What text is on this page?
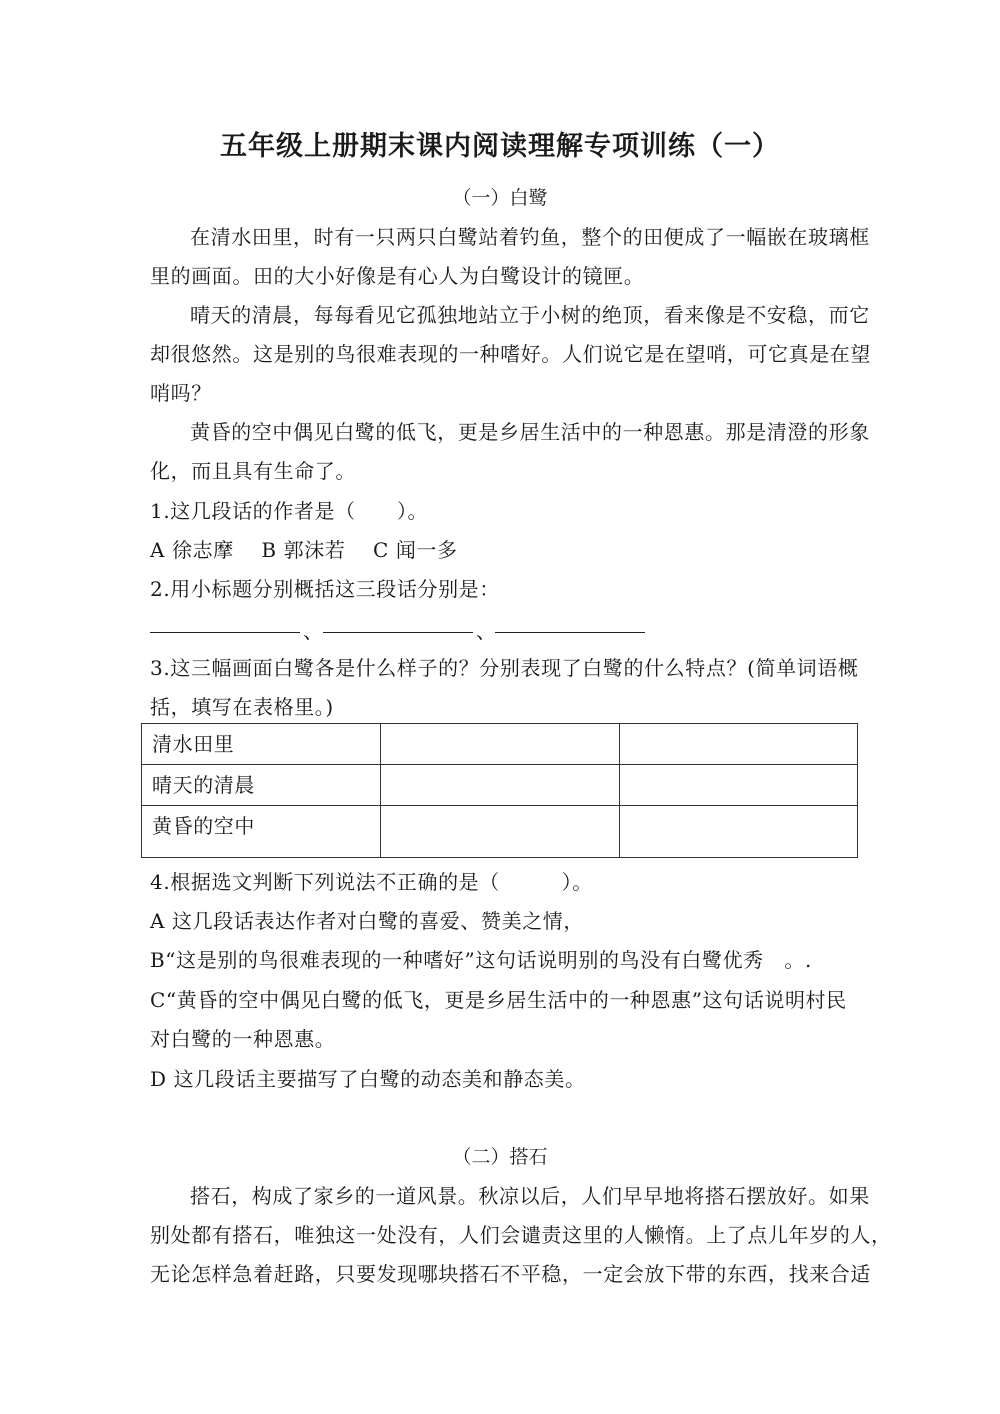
五年级上册期末课内阅读理解专项训练（一）
（一）白鹭
在清水田里，时有一只两只白鹭站着钓鱼，整个的田便成了一幅嵌在玻璃框
里的画面。田的大小好像是有心人为白鹭设计的镜匣。
晴天的清晨，每每看见它孤独地站立于小树的绝顶，看来像是不安稳，而它
却很悠然。这是别的鸟很难表现的一种嗜好。人们说它是在望哨，可它真是在望
哨吗？
黄昏的空中偶见白鹭的低飞，更是乡居生活中的一种恩惠。那是清澄的形象
化，而且具有生命了。
1.这几段话的作者是（　　）。
A 徐志摩　 B 郭沫若　 C 闻一多
2.用小标题分别概括这三段话分别是：
、	、
3.这三幅画面白鹭各是什么样子的？分别表现了白鹭的什么特点？(简单词语概
括，填写在表格里。)
清水田里		
晴天的清晨		
黄昏的空中		
4.根据选文判断下列说法不正确的是（　　　）。
A 这几段话表达作者对白鹭的喜爱、赞美之情，
B“这是别的鸟很难表现的一种嗜好”这句话说明别的鸟没有白鹭优秀　。.
C“黄昏的空中偶见白鹭的低飞，更是乡居生活中的一种恩惠”这句话说明村民
对白鹭的一种恩惠。
D 这几段话主要描写了白鹭的动态美和静态美。
（二）搭石
搭石，构成了家乡的一道风景。秋凉以后，人们早早地将搭石摆放好。如果
别处都有搭石，唯独这一处没有，人们会谴责这里的人懒惰。上了点儿年岁的人，
无论怎样急着赶路，只要发现哪块搭石不平稳，一定会放下带的东西，找来合适
